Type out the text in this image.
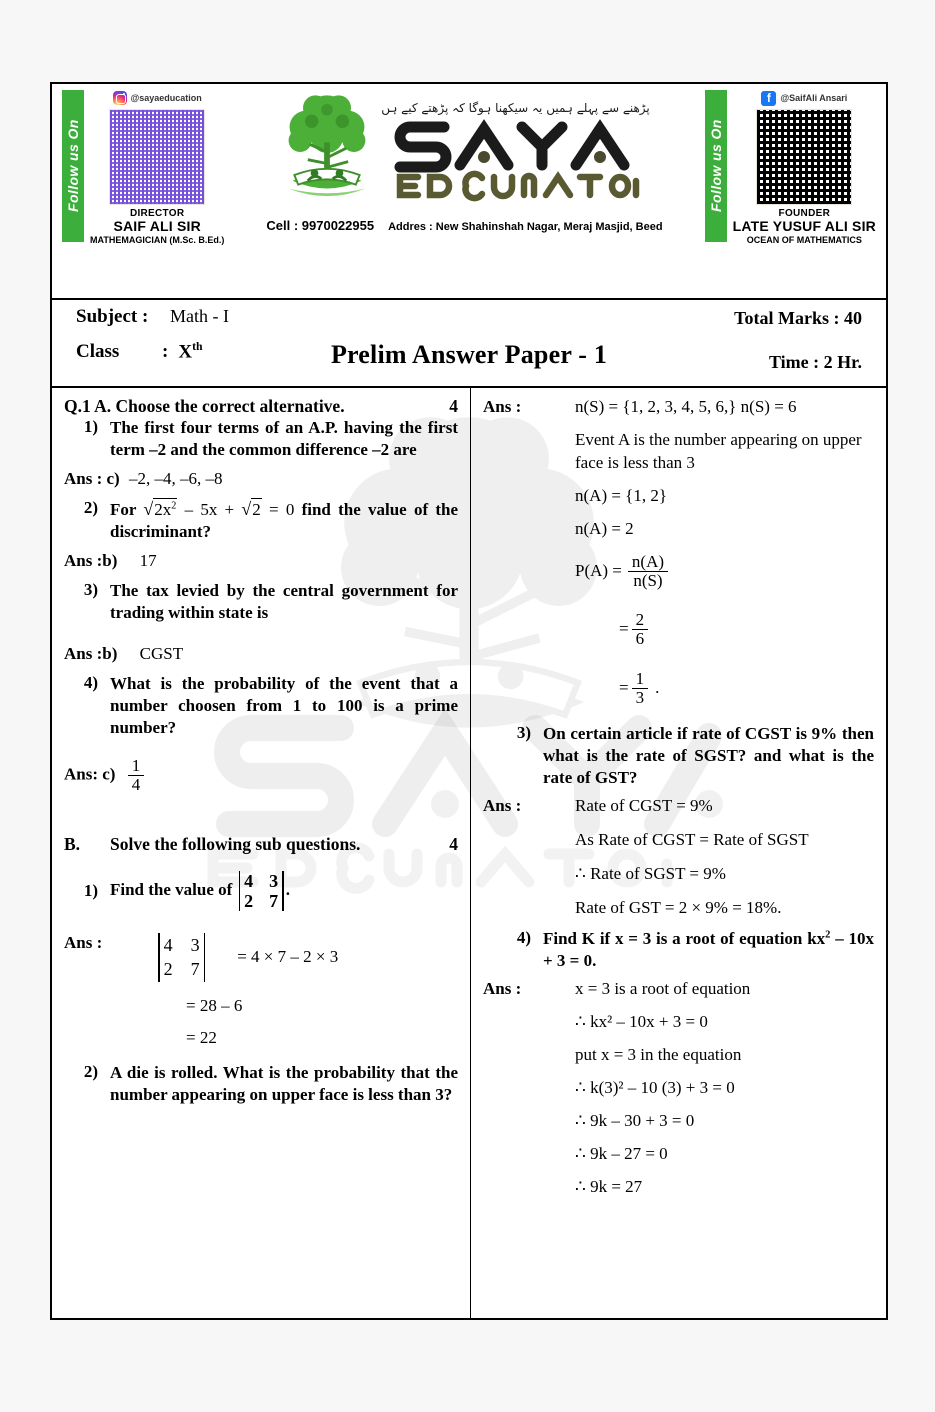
Follow us On
@sayaeducation
DIRECTOR
SAIF ALI SIR
MATHEMAGICIAN (M.Sc. B.Ed.)
پڑھنے سے پہلے ہمیں یہ سیکھنا ہوگا کہ پڑھتے کیے ہں
Cell : 9970022955 Addres : New Shahinshah Nagar, Meraj Masjid, Beed
Follow us On
f	@SaifAli Ansari
FOUNDER
LATE YUSUF ALI SIR
OCEAN OF MATHEMATICS
Subject :	Math - I	Total Marks : 40
Class	: Xth
Time : 2 Hr.
Prelim Answer Paper - 1
Q.1 A. Choose the correct alternative.	4
1) The first four terms of an A.P. having the first term –2 and the common difference –2 are
Ans : c) –2, –4, –6, –8
2) For √ $2x^2 - 5x$ + √ 2 = 0 find the value of the discriminant?
Ans :b) 17
3) The tax levied by the central government for trading within state is
Ans :b) CGST
4) What is the probability of the event that a number choosen from 1 to 100 is a prime number?
Ans: $c) \frac{1}{4}$
B.	Solve the following sub questions.	4
1) Find the value of 4 3
2 7
.
Ans :	4 3
2 7
= 4 × 7 – 2 × 3
= 28 – 6
= 22
2) A die is rolled. What is the probability that the number appearing on upper face is less than 3?
Ans :	n(S) = {1, 2, 3, 4, 5, 6,} n(S) = 6
Event A is the number appearing on upper face is less than 3
n(A) = {1, 2}
n(A) = 2
$P(A) = \frac{n(A)}{n(S)}$
= $\frac{2}{6}$
= $\frac{1}{3}$ .
3) On certain article if rate of CGST is 9% then what is the rate of SGST? and what is the rate of GST?
Ans :	Rate of CGST = 9%
As Rate of CGST = Rate of SGST
∴ Rate of SGST = 9%
Rate of GST = 2 × 9% = 18%.
4) Find K if x = 3 is a root of equation $kx^2 - 10x + 3 = 0$.
Ans :	x = 3 is a root of equation
∴ kx² – 10x + 3 = 0
put x = 3 in the equation
∴ k(3)² – 10 (3) + 3 = 0
∴ 9k – 30 + 3 = 0
∴ 9k – 27 = 0
∴ 9k = 27
